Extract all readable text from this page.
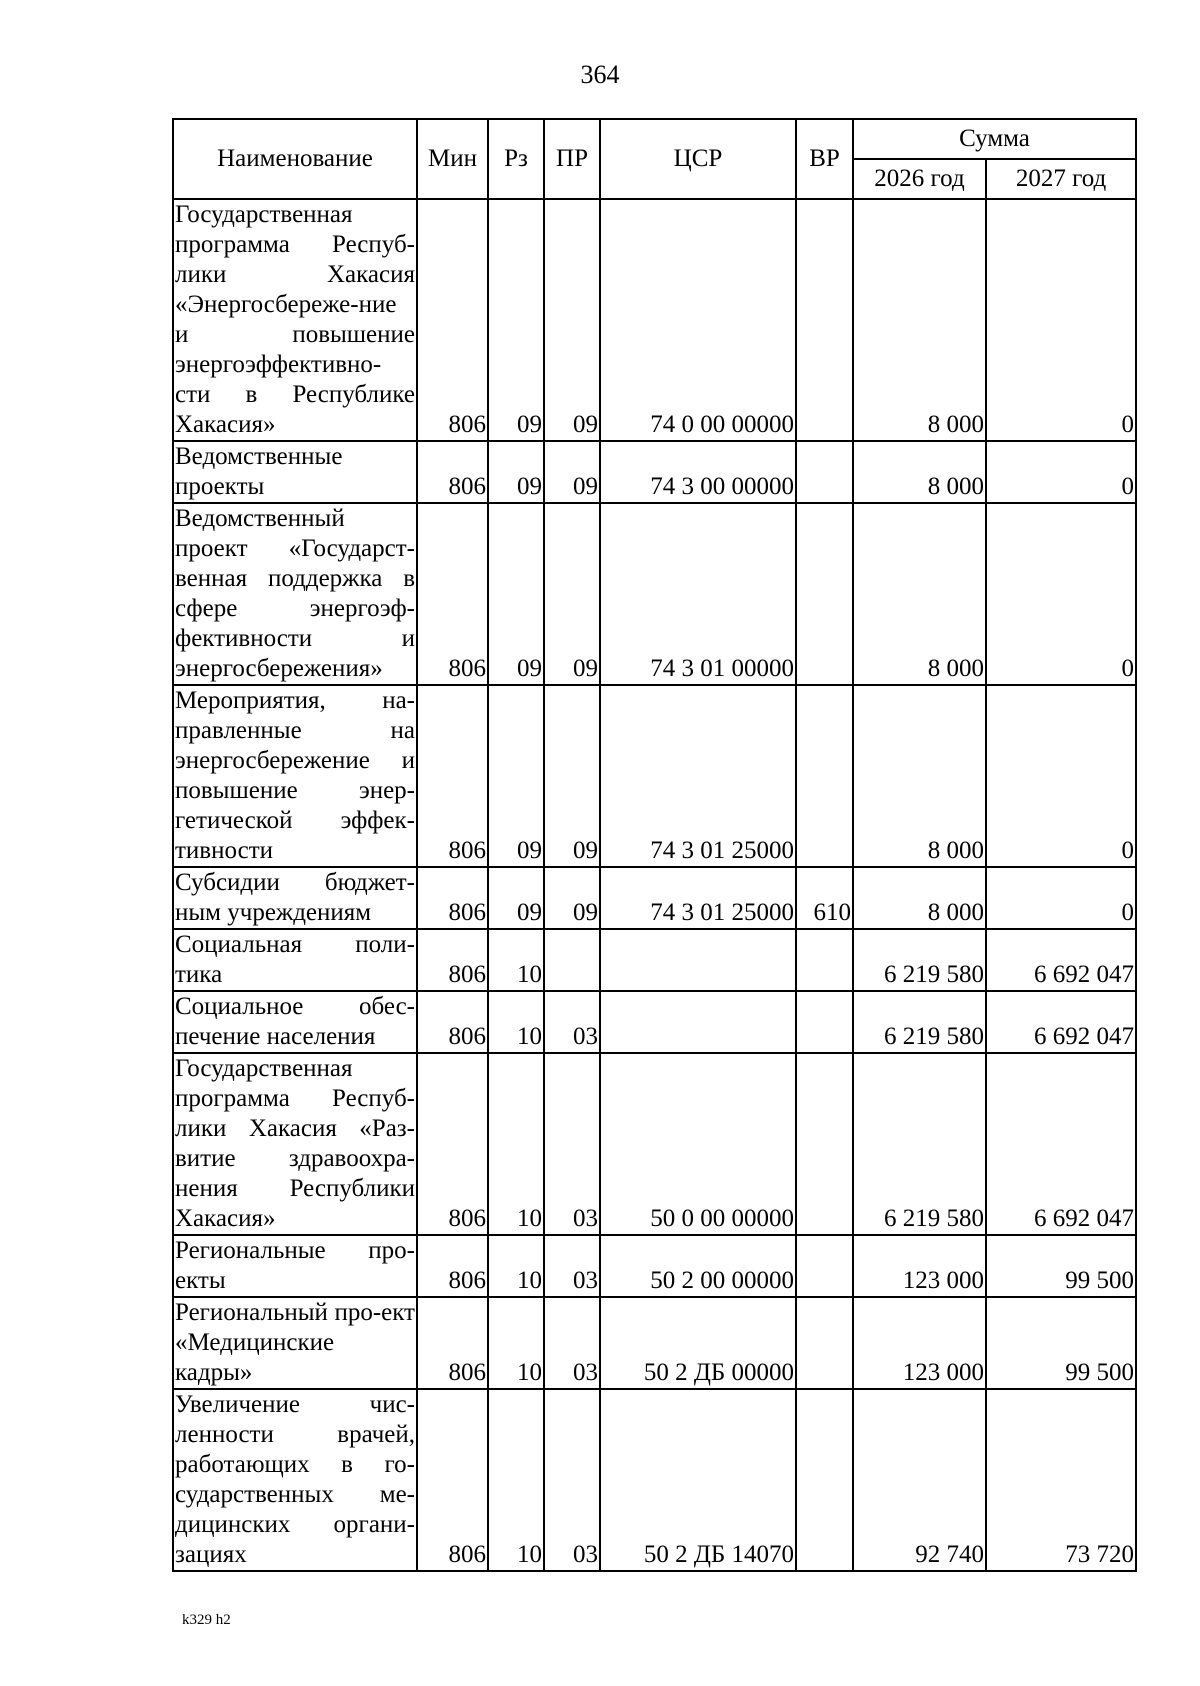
364
Наименование	Мин	Рз	ПР	ЦСР	ВР	Сумма	
						2026 год	2027 год
Государственная программа Респуб-лики Хакасия «Энергосбереже-ние и повышение энергоэффективно-сти в Республике Хакасия»	806	09	09	74 0 00 00000		8 000	0
Ведомственные проекты	806	09	09	74 3 00 00000		8 000	0
Ведомственный проект «Государст-венная поддержка в сфере энергоэф-фективности и энергосбережения»	806	09	09	74 3 01 00000		8 000	0
Мероприятия, на-правленные на энергосбережение и повышение энер-гетической эффек-тивности	806	09	09	74 3 01 25000		8 000	0
Субсидии бюджет-ным учреждениям	806	09	09	74 3 01 25000	610	8 000	0
Социальная поли-тика	806	10				6 219 580	6 692 047
Социальное обес-печение населения	806	10	03			6 219 580	6 692 047
Государственная программа Респуб-лики Хакасия «Раз-витие здравоохра-нения Республики Хакасия»	806	10	03	50 0 00 00000		6 219 580	6 692 047
Региональные про-екты	806	10	03	50 2 00 00000		123 000	99 500
Региональный про-ект «Медицинские кадры»	806	10	03	50 2 ДБ 00000		123 000	99 500
Увеличение чис-ленности врачей, работающих в го-сударственных ме-дицинских органи-зациях	806	10	03	50 2 ДБ 14070		92 740	73 720
k329 h2
